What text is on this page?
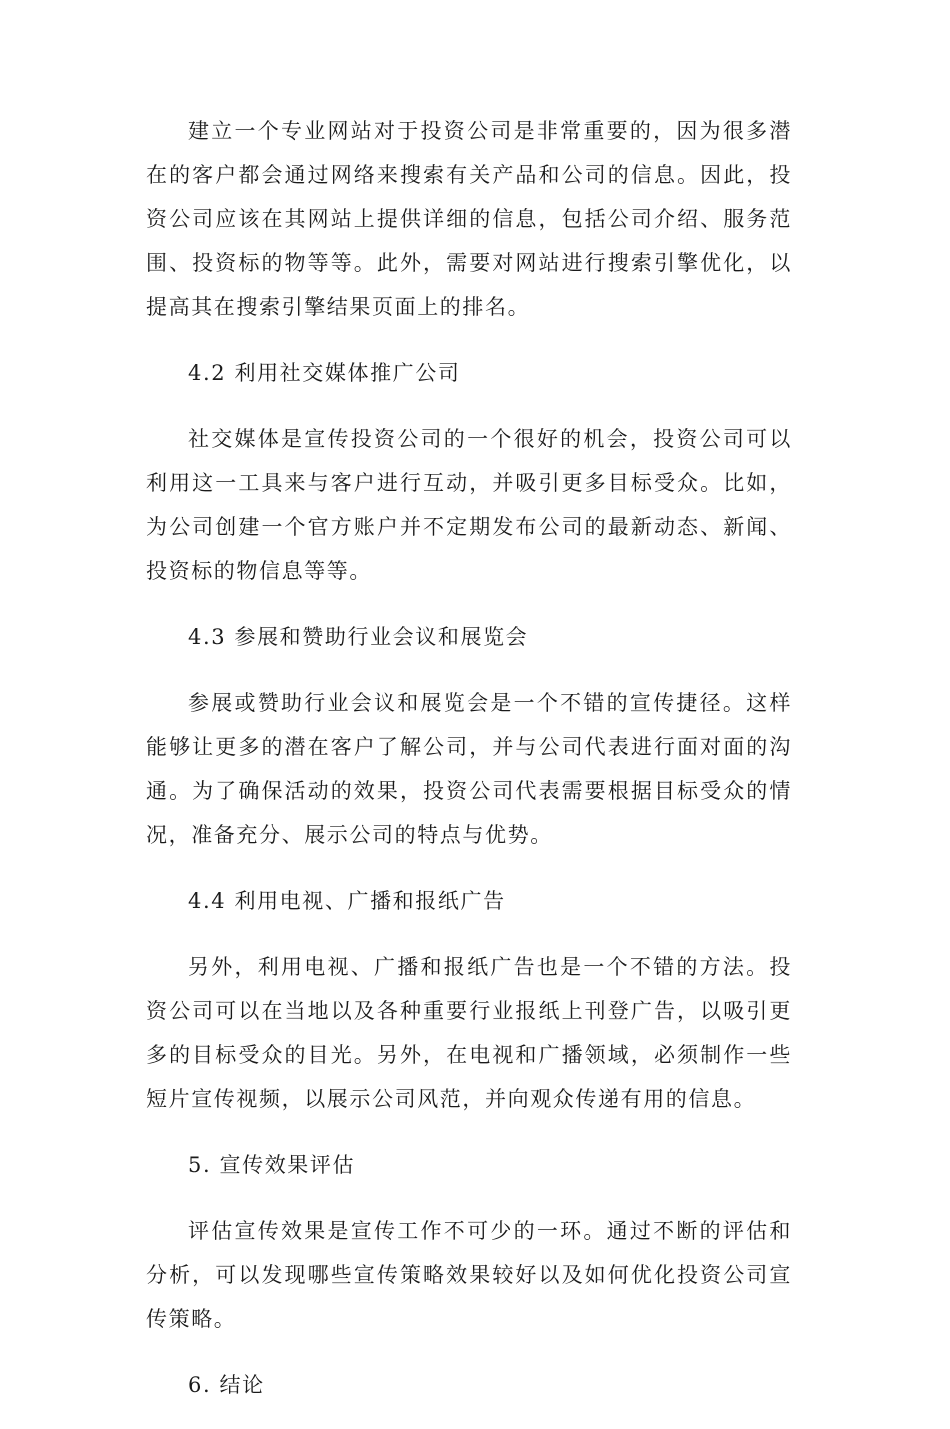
建立一个专业网站对于投资公司是非常重要的，因为很多潜在的客户都会通过网络来搜索有关产品和公司的信息。因此，投资公司应该在其网站上提供详细的信息，包括公司介绍、服务范围、投资标的物等等。此外，需要对网站进行搜索引擎优化，以提高其在搜索引擎结果页面上的排名。

4.2 利用社交媒体推广公司

社交媒体是宣传投资公司的一个很好的机会，投资公司可以利用这一工具来与客户进行互动，并吸引更多目标受众。比如，为公司创建一个官方账户并不定期发布公司的最新动态、新闻、投资标的物信息等等。

4.3 参展和赞助行业会议和展览会

参展或赞助行业会议和展览会是一个不错的宣传捷径。这样能够让更多的潜在客户了解公司，并与公司代表进行面对面的沟通。为了确保活动的效果，投资公司代表需要根据目标受众的情况，准备充分、展示公司的特点与优势。

4.4 利用电视、广播和报纸广告

另外，利用电视、广播和报纸广告也是一个不错的方法。投资公司可以在当地以及各种重要行业报纸上刊登广告，以吸引更多的目标受众的目光。另外，在电视和广播领域，必须制作一些短片宣传视频，以展示公司风范，并向观众传递有用的信息。

5. 宣传效果评估

评估宣传效果是宣传工作不可少的一环。通过不断的评估和分析，可以发现哪些宣传策略效果较好以及如何优化投资公司宣传策略。

6. 结论
